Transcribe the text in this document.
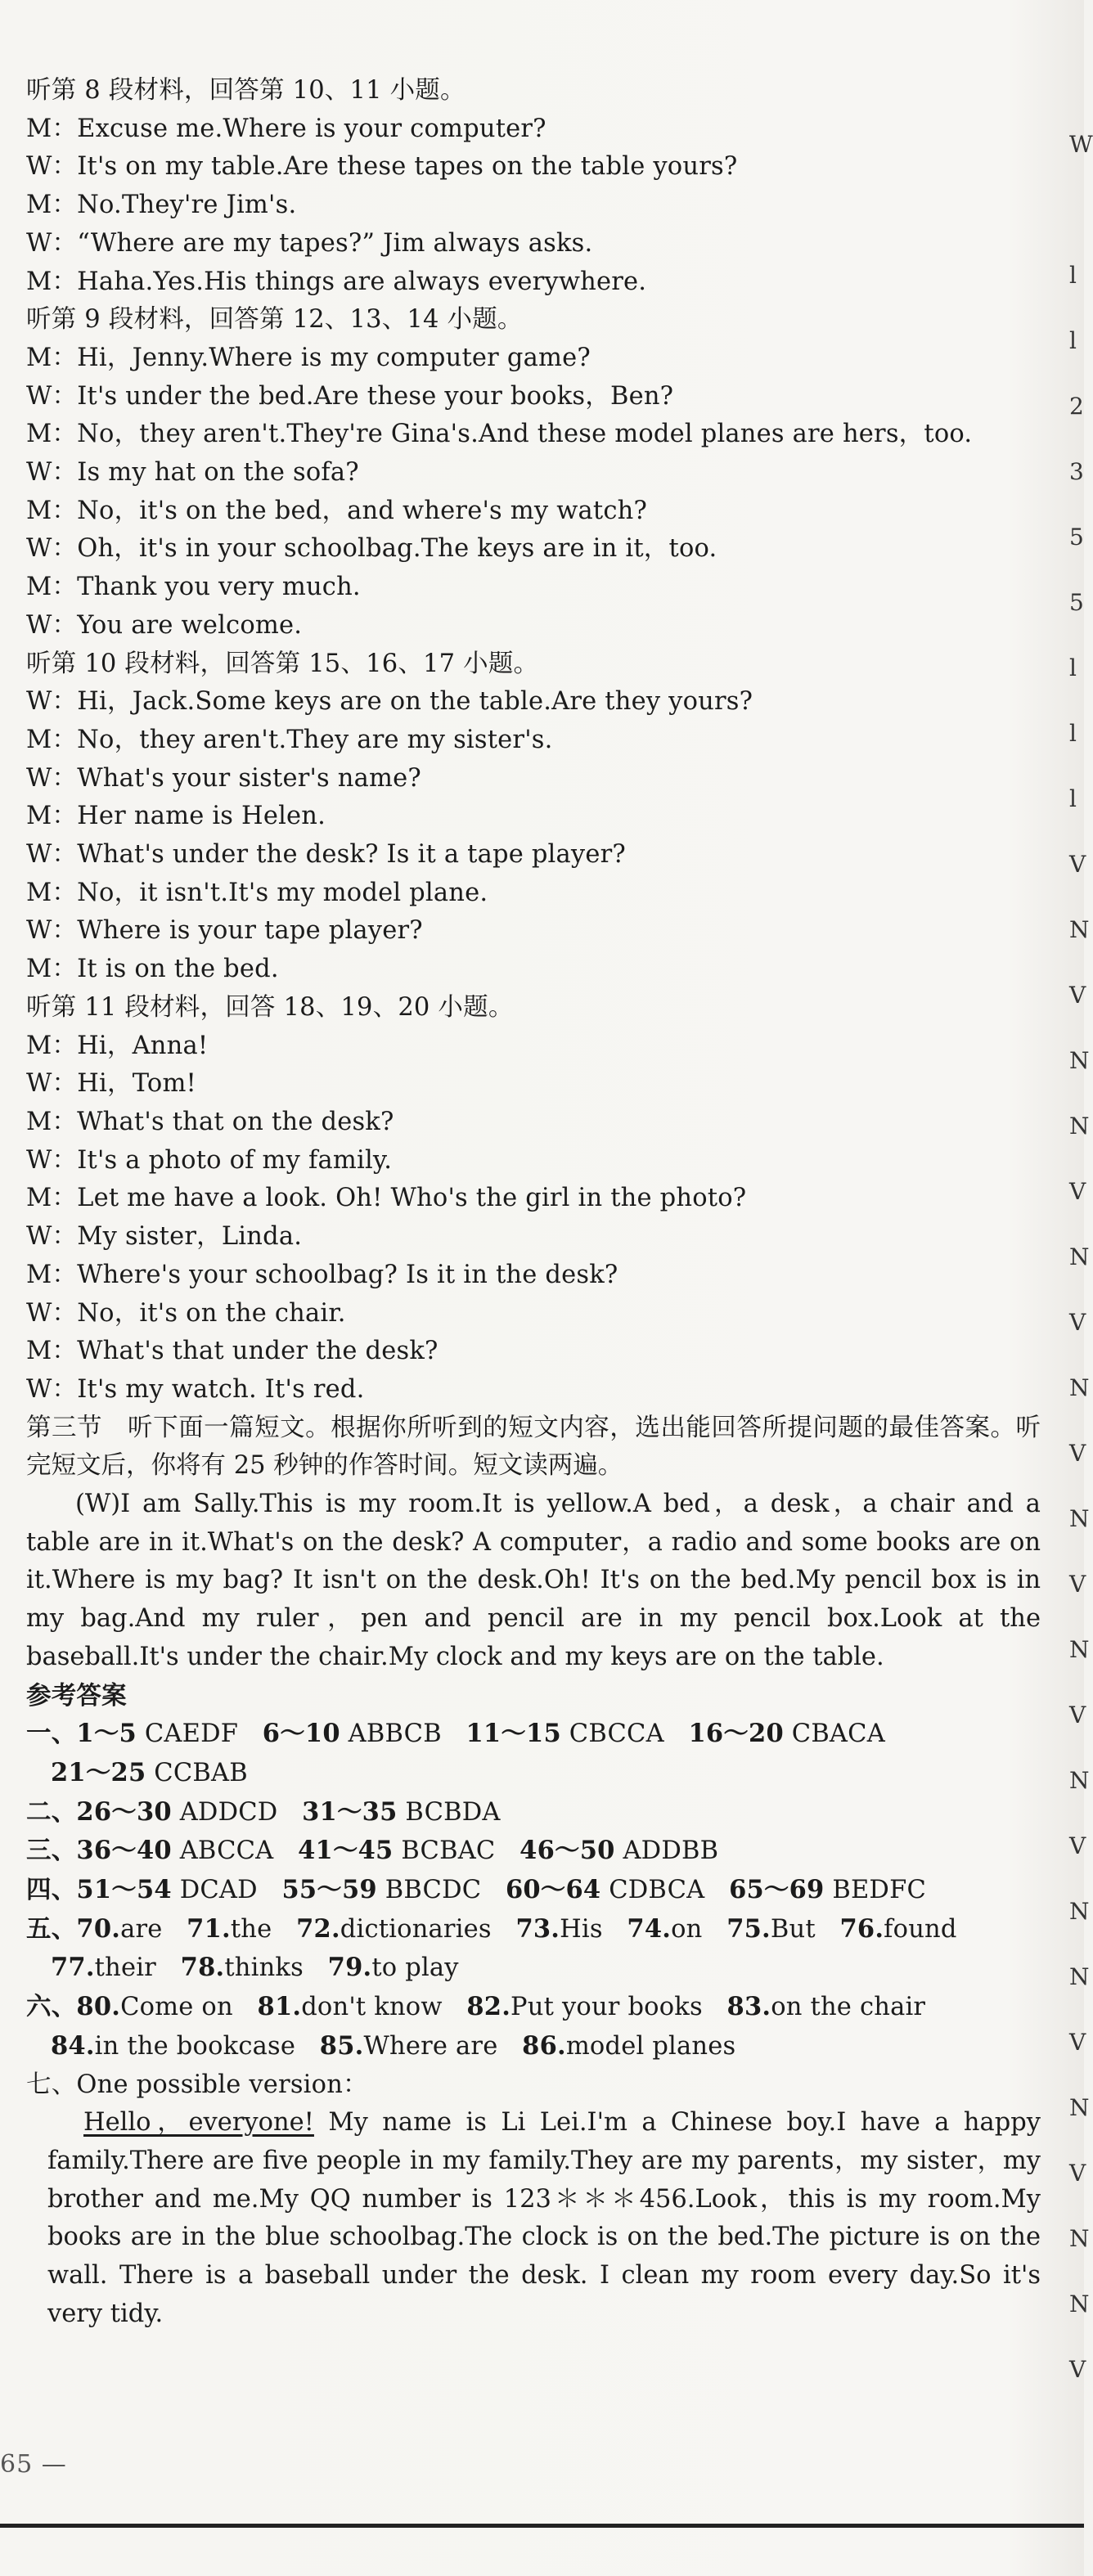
听第 8 段材料，回答第 10、11 小题。
M：Excuse me.Where is your computer?
W：It's on my table.Are these tapes on the table yours?
M：No.They're Jim's.
W：“Where are my tapes?” Jim always asks.
M：Haha.Yes.His things are always everywhere.
听第 9 段材料，回答第 12、13、14 小题。
M：Hi，Jenny.Where is my computer game?
W：It's under the bed.Are these your books，Ben?
M：No，they aren't.They're Gina's.And these model planes are hers，too.
W：Is my hat on the sofa?
M：No，it's on the bed，and where's my watch?
W：Oh，it's in your schoolbag.The keys are in it，too.
M：Thank you very much.
W：You are welcome.
听第 10 段材料，回答第 15、16、17 小题。
W：Hi，Jack.Some keys are on the table.Are they yours?
M：No，they aren't.They are my sister's.
W：What's your sister's name?
M：Her name is Helen.
W：What's under the desk? Is it a tape player?
M：No，it isn't.It's my model plane.
W：Where is your tape player?
M：It is on the bed.
听第 11 段材料，回答 18、19、20 小题。
M：Hi，Anna!
W：Hi，Tom!
M：What's that on the desk?
W：It's a photo of my family.
M：Let me have a look. Oh! Who's the girl in the photo?
W：My sister，Linda.
M：Where's your schoolbag? Is it in the desk?
W：No，it's on the chair.
M：What's that under the desk?
W：It's my watch. It's red.

第三节　听下面一篇短文。根据你所听到的短文内容，选出能回答所提问题的最佳答案。听完短文后，你将有 25 秒钟的作答时间。短文读两遍。

(W)I am Sally.This is my room.It is yellow.A bed，a desk，a chair and a table are in it.What's on the desk? A computer，a radio and some books are on it.Where is my bag? It isn't on the desk.Oh! It's on the bed.My pencil box is in my bag.And my ruler，pen and pencil are in my pencil box.Look at the baseball.It's under the chair.My clock and my keys are on the table.

参考答案
一、1～5 CAEDF   6～10 ABBCB   11～15 CBCCA   16～20 CBACA
21～25 CCBAB
二、26～30 ADDCD   31～35 BCBDA
三、36～40 ABCCA   41～45 BCBAC   46～50 ADDBB
四、51～54 DCAD   55～59 BBCDC   60～64 CDBCA   65～69 BEDFC
五、70.are   71.the   72.dictionaries   73.His   74.on   75.But   76.found
77.their   78.thinks   79.to play
六、80.Come on   81.don't know   82.Put your books   83.on the chair
84.in the bookcase   85.Where are   86.model planes
七、One possible version：

Hello，everyone! My name is Li Lei.I'm a Chinese boy.I have a happy family.There are five people in my family.They are my parents，my sister，my brother and me.My QQ number is 123＊＊＊456.Look，this is my room.My books are in the blue schoolbag.The clock is on the bed.The picture is on the wall. There is a baseball under the desk. I clean my room every day.So it's very tidy.

65 —
W
l
l
2
3
5
5
l
l
l
V
N
V
N
N
V
N
V
N
V
N
V
N
V
N
V
N
N
V
N
V
N
N
V
